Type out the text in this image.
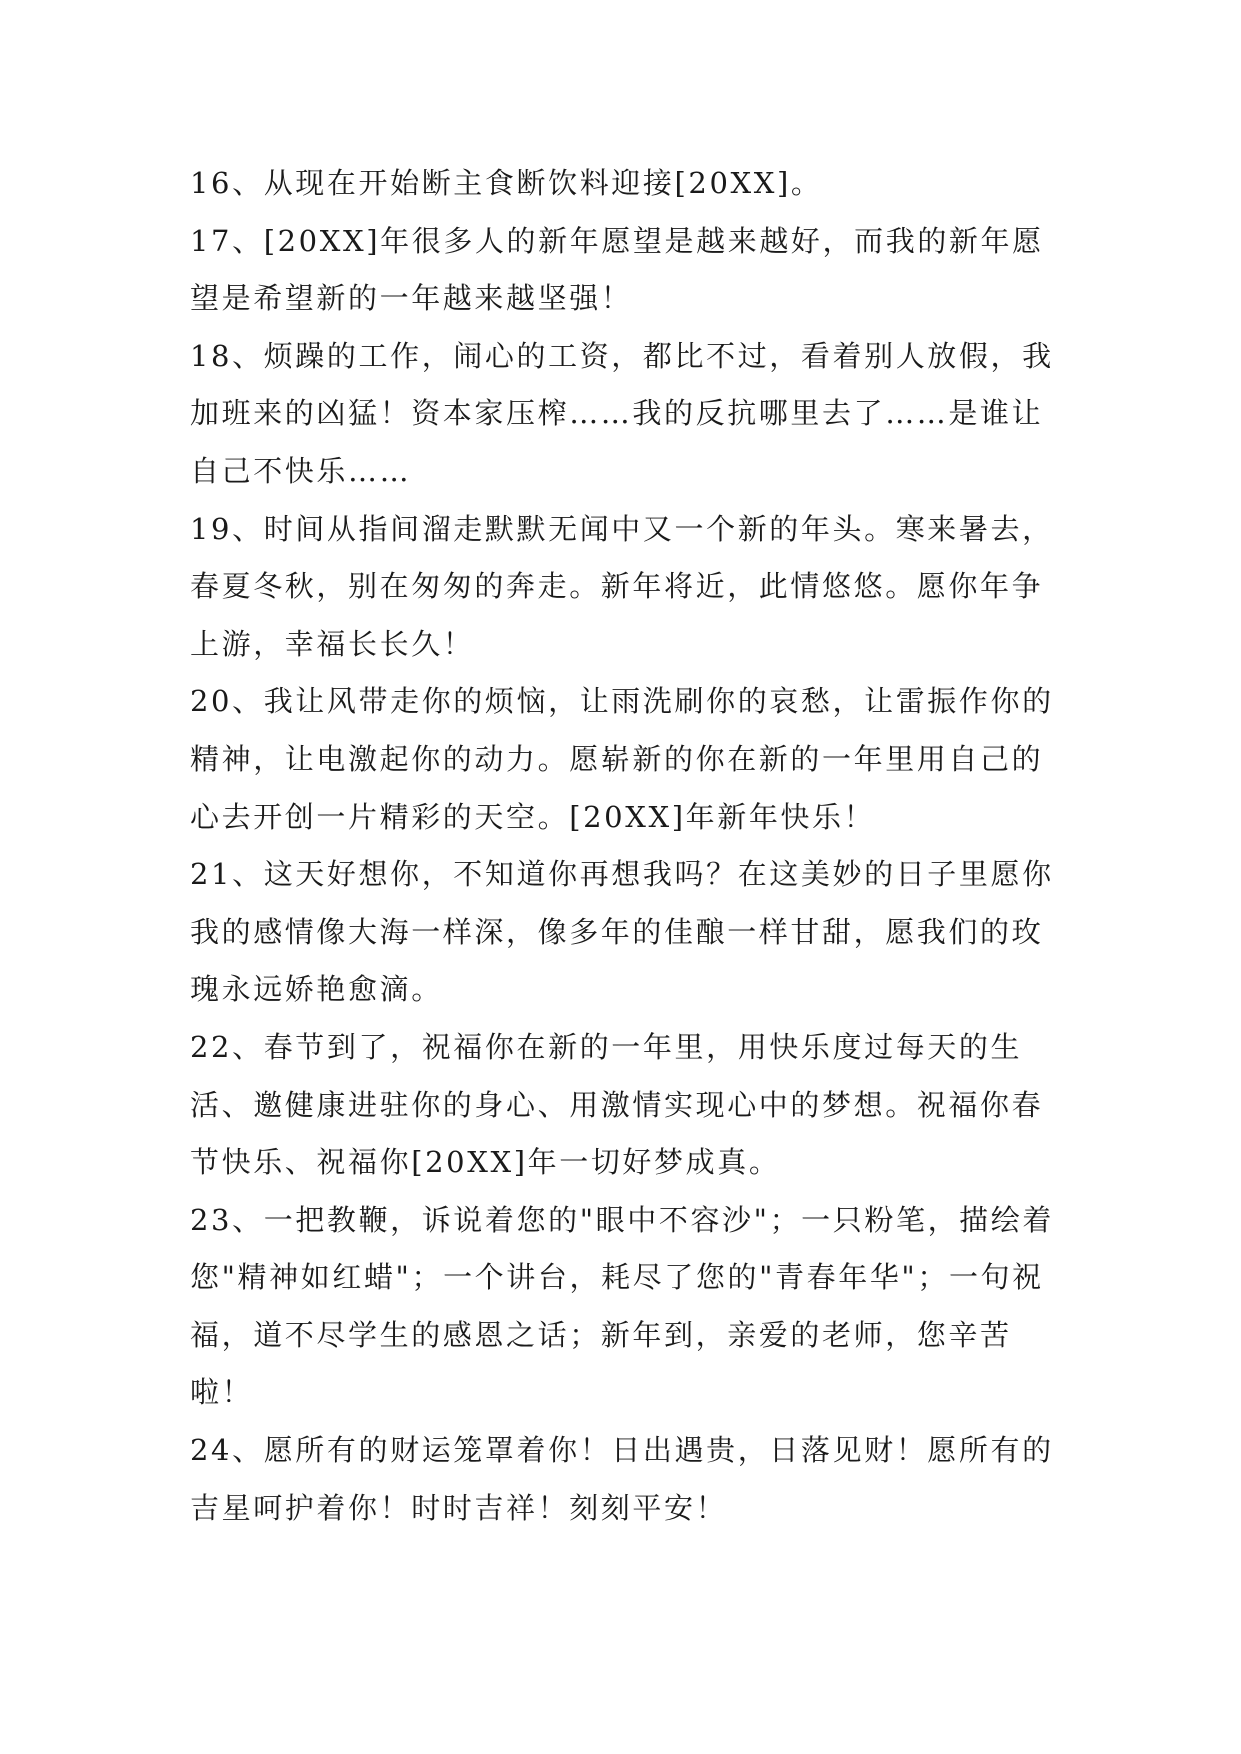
16、从现在开始断主食断饮料迎接[20XX]。

17、[20XX]年很多人的新年愿望是越来越好，而我的新年愿望是希望新的一年越来越坚强！

18、烦躁的工作，闹心的工资，都比不过，看着别人放假，我加班来的凶猛！资本家压榨……我的反抗哪里去了……是谁让自己不快乐……

19、时间从指间溜走默默无闻中又一个新的年头。寒来暑去，春夏冬秋，别在匆匆的奔走。新年将近，此情悠悠。愿你年争上游，幸福长长久！

20、我让风带走你的烦恼，让雨洗刷你的哀愁，让雷振作你的精神，让电激起你的动力。愿崭新的你在新的一年里用自己的心去开创一片精彩的天空。[20XX]年新年快乐！

21、这天好想你，不知道你再想我吗？在这美妙的日子里愿你我的感情像大海一样深，像多年的佳酿一样甘甜，愿我们的玫瑰永远娇艳愈滴。

22、春节到了，祝福你在新的一年里，用快乐度过每天的生活、邀健康进驻你的身心、用激情实现心中的梦想。祝福你春节快乐、祝福你[20XX]年一切好梦成真。

23、一把教鞭，诉说着您的"眼中不容沙"；一只粉笔，描绘着您"精神如红蜡"；一个讲台，耗尽了您的"青春年华"；一句祝福，道不尽学生的感恩之话；新年到，亲爱的老师，您辛苦啦！

24、愿所有的财运笼罩着你！日出遇贵，日落见财！愿所有的吉星呵护着你！时时吉祥！刻刻平安！
